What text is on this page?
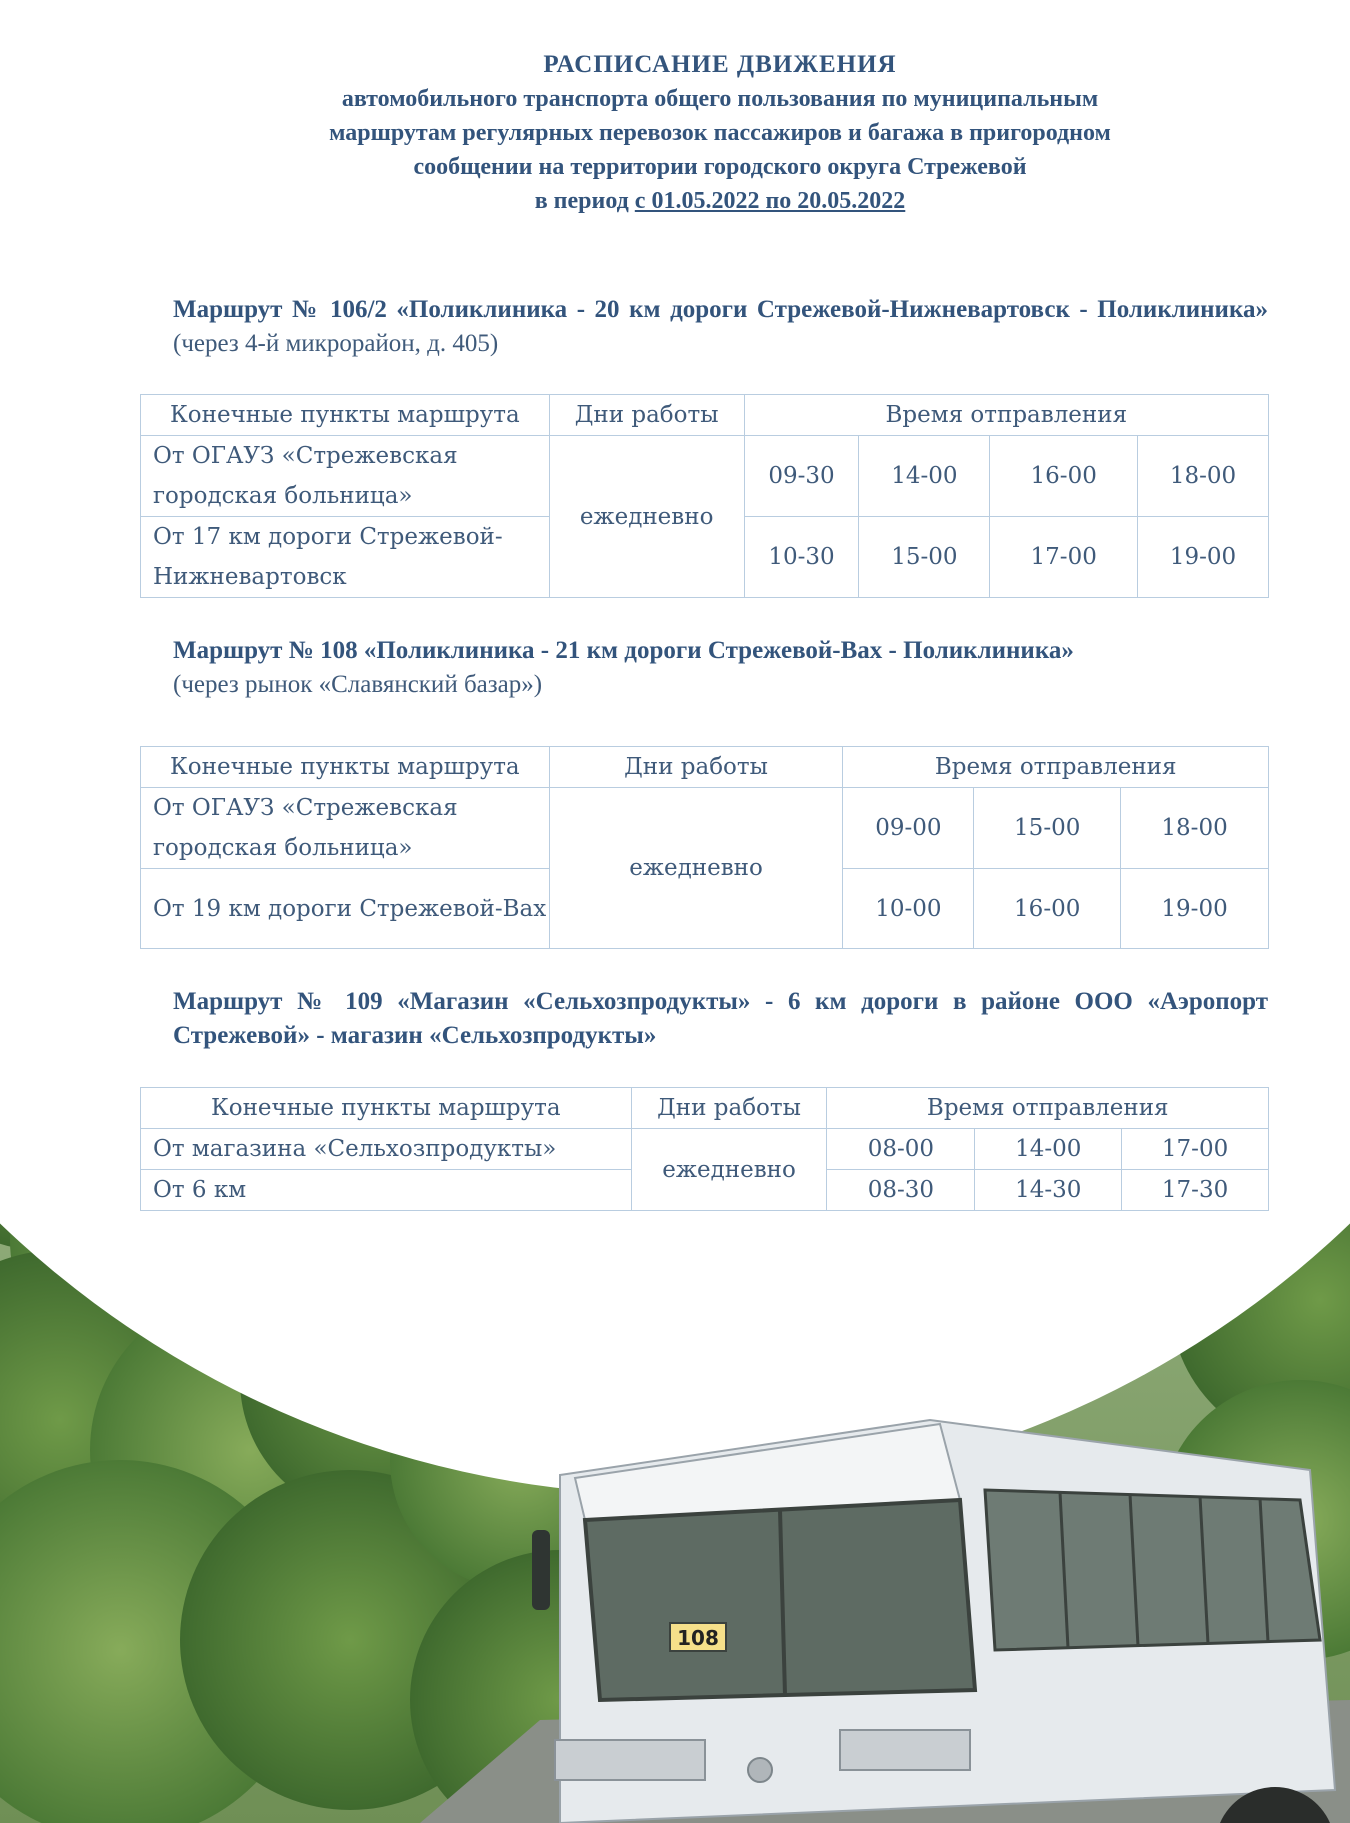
108

РАСПИСАНИЕ ДВИЖЕНИЯ

автомобильного транспорта общего пользования по муниципальным

маршрутам регулярных перевозок пассажиров и багажа в пригородном

сообщении на территории городского округа Стрежевой

в период с 01.05.2022 по 20.05.2022

Маршрут № 106/2 «Поликлиника - 20 км дороги Стрежевой-Нижневартовск - Поликлиника» (через 4-й микрорайон, д. 405)
Конечные пункты маршрута	Дни работы	Время отправления			
От ОГАУЗ «Стрежевская городская больница»	ежедневно	09-30	14-00	16-00	18-00
От 17 км дороги Стрежевой-Нижневартовск		10-30	15-00	17-00	19-00
Маршрут № 108 «Поликлиника - 21 км дороги Стрежевой-Вах - Поликлиника»
(через рынок «Славянский базар»)
Конечные пункты маршрута	Дни работы	Время отправления		
От ОГАУЗ «Стрежевская городская больница»	ежедневно	09-00	15-00	18-00
От 19 км дороги Стрежевой-Вах		10-00	16-00	19-00
Маршрут № 109 «Магазин «Сельхозпродукты» - 6 км дороги в районе ООО «Аэропорт Стрежевой» - магазин «Сельхозпродукты»
Конечные пункты маршрута	Дни работы	Время отправления		
От магазина «Сельхозпродукты»	ежедневно	08-00	14-00	17-00
От 6 км		08-30	14-30	17-30
